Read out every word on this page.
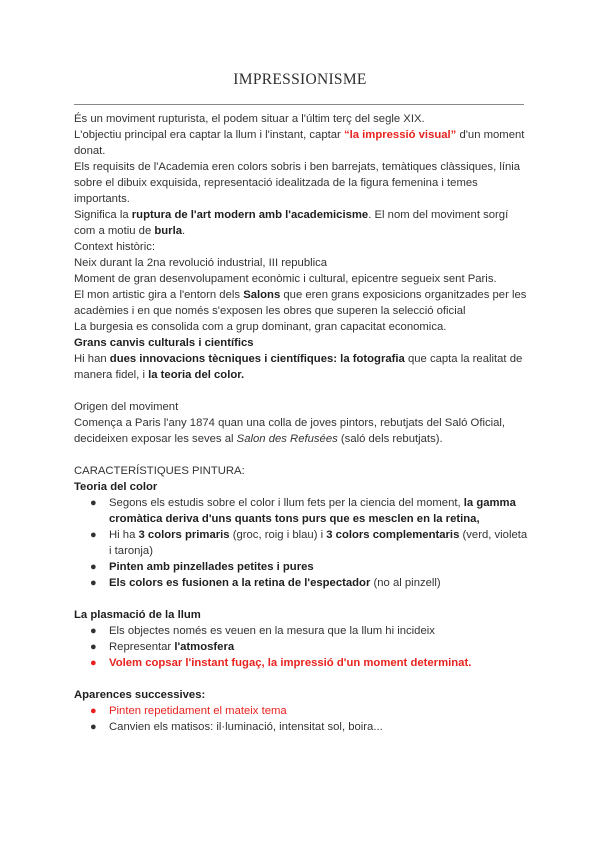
IMPRESSIONISME

És un moviment rupturista, el podem situar a l'últim terç del segle XIX.

L'objectiu principal era captar la llum i l'instant, captar “la impressió visual” d'un moment donat.

Els requisits de l'Academia eren colors sobris i ben barrejats, temàtiques clàssiques, línia sobre el dibuix exquisida, representació idealitzada de la figura femenina i temes importants.

Significa la ruptura de l'art modern amb l'academicisme. El nom del moviment sorgí com a motiu de burla.

Context històric:

Neix durant la 2na revolució industrial, III republica

Moment de gran desenvolupament econòmic i cultural, epicentre segueix sent Paris.

El mon artistic gira a l'entorn dels Salons que eren grans exposicions organitzades per les acadèmies i en que només s'exposen les obres que superen la selecció oficial

La burgesia es consolida com a grup dominant, gran capacitat economica.

Grans canvis culturals i científics

Hi han dues innovacions tècniques i científiques: la fotografia que capta la realitat de manera fidel, i la teoria del color.

Origen del moviment

Comença a Paris l'any 1874 quan una colla de joves pintors, rebutjats del Saló Oficial, decideixen exposar les seves al Salon des Refusées (saló dels rebutjats).

CARACTERÍSTIQUES PINTURA:

Teoria del color

● Segons els estudis sobre el color i llum fets per la ciencia del moment, la gamma cromàtica deriva d'uns quants tons purs que es mesclen en la retina,
● Hi ha 3 colors primaris (groc, roig i blau) i 3 colors complementaris (verd, violeta i taronja)
● Pinten amb pinzellades petites i pures
● Els colors es fusionen a la retina de l'espectador (no al pinzell)

La plasmació de la llum

● Els objectes només es veuen en la mesura que la llum hi incideix
● Representar l'atmosfera
● Volem copsar l'instant fugaç, la impressió d'un moment determinat.

Aparences successives:

● Pinten repetidament el mateix tema
● Canvien els matisos: il·luminació, intensitat sol, boira...
